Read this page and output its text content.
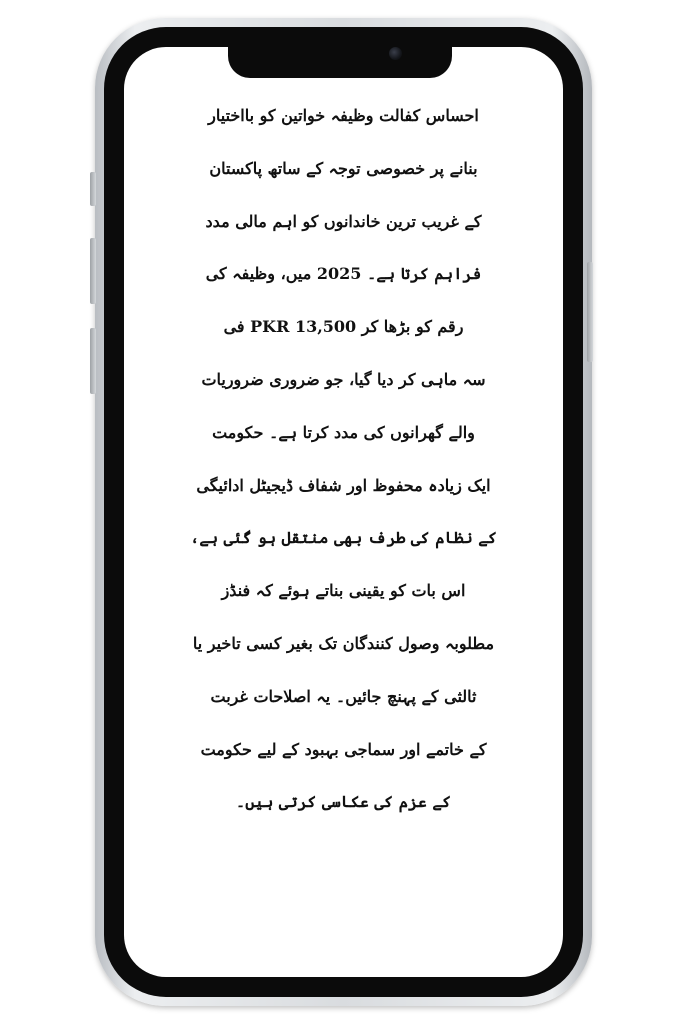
احساس کفالت وظیفہ خواتین کو بااختیار
بنانے پر خصوصی توجہ کے ساتھ پاکستان
کے غریب ترین خاندانوں کو اہم مالی مدد
فراہم کرتا ہے۔ 2025 میں، وظیفہ کی
رقم کو بڑھا کر PKR 13,500 فی
سہ ماہی کر دیا گیا، جو ضروری ضروریات
والے گھرانوں کی مدد کرتا ہے۔ حکومت
ایک زیادہ محفوظ اور شفاف ڈیجیٹل ادائیگی
کے نظام کی طرف بھی منتقل ہو گئی ہے،
اس بات کو یقینی بناتے ہوئے کہ فنڈز
مطلوبہ وصول کنندگان تک بغیر کسی تاخیر یا
ثالثی کے پہنچ جائیں۔ یہ اصلاحات غربت
کے خاتمے اور سماجی بہبود کے لیے حکومت
کے عزم کی عکاسی کرتی ہیں۔
